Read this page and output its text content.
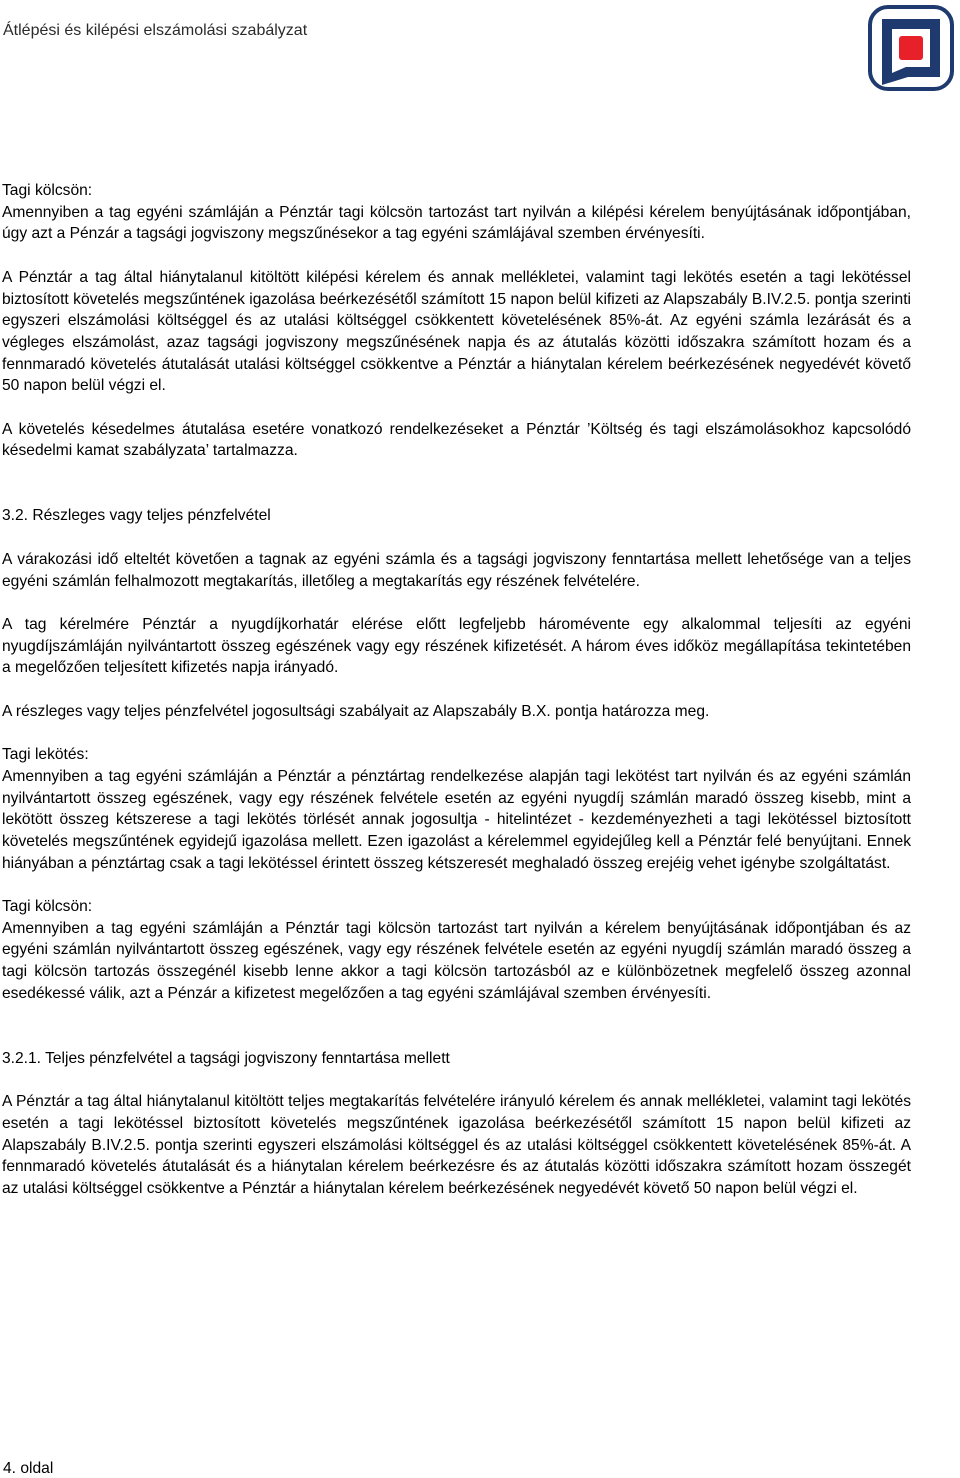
Átlépési és kilépési elszámolási szabályzat

Tagi kölcsön:

Amennyiben a tag egyéni számláján a Pénztár tagi kölcsön tartozást tart nyilván a kilépési kérelem benyújtásának időpontjában, úgy azt a Pénzár a tagsági jogviszony megszűnésekor a tag egyéni számlájával szemben érvényesíti.

A Pénztár a tag által hiánytalanul kitöltött kilépési kérelem és annak mellékletei, valamint tagi lekötés esetén a tagi lekötéssel biztosított követelés megszűntének igazolása beérkezésétől számított 15 napon belül kifizeti az Alapszabály B.IV.2.5. pontja szerinti egyszeri elszámolási költséggel és az utalási költséggel csökkentett követelésének 85%-át. Az egyéni számla lezárását és a végleges elszámolást, azaz tagsági jogviszony megszűnésének napja és az átutalás közötti időszakra számított hozam és a fennmaradó követelés átutalását utalási költséggel csökkentve a Pénztár a hiánytalan kérelem beérkezésének negyedévét követő 50 napon belül végzi el.

A követelés késedelmes átutalása esetére vonatkozó rendelkezéseket a Pénztár ’Költség és tagi elszámolásokhoz kapcsolódó késedelmi kamat szabályzata’ tartalmazza.

3.2. Részleges vagy teljes pénzfelvétel

A várakozási idő elteltét követően a tagnak az egyéni számla és a tagsági jogviszony fenntartása mellett lehetősége van a teljes egyéni számlán felhalmozott megtakarítás, illetőleg a megtakarítás egy részének felvételére.

A tag kérelmére Pénztár a nyugdíjkorhatár elérése előtt legfeljebb háromévente egy alkalommal teljesíti az egyéni nyugdíjszámláján nyilvántartott összeg egészének vagy egy részének kifizetését. A három éves időköz megállapítása tekintetében a megelőzően teljesített kifizetés napja irányadó.

A részleges vagy teljes pénzfelvétel jogosultsági szabályait az Alapszabály B.X. pontja határozza meg.

Tagi lekötés:

Amennyiben a tag egyéni számláján a Pénztár a pénztártag rendelkezése alapján tagi lekötést tart nyilván és az egyéni számlán nyilvántartott összeg egészének, vagy egy részének felvétele esetén az egyéni nyugdíj számlán maradó összeg kisebb, mint a lekötött összeg kétszerese a tagi lekötés törlését annak jogosultja - hitelintézet - kezdeményezheti a tagi lekötéssel biztosított követelés megszűntének egyidejű igazolása mellett. Ezen igazolást a kérelemmel egyidejűleg kell a Pénztár felé benyújtani. Ennek hiányában a pénztártag csak a tagi lekötéssel érintett összeg kétszeresét meghaladó összeg erejéig vehet igénybe szolgáltatást.

Tagi kölcsön:

Amennyiben a tag egyéni számláján a Pénztár tagi kölcsön tartozást tart nyilván a kérelem benyújtásának időpontjában és az egyéni számlán nyilvántartott összeg egészének, vagy egy részének felvétele esetén az egyéni nyugdíj számlán maradó összeg a tagi kölcsön tartozás összegénél kisebb lenne akkor a tagi kölcsön tartozásból az e különbözetnek megfelelő összeg azonnal esedékessé válik, azt a Pénzár a kifizetest megelőzően a tag egyéni számlájával szemben érvényesíti.

3.2.1. Teljes pénzfelvétel a tagsági jogviszony fenntartása mellett

A Pénztár a tag által hiánytalanul kitöltött teljes megtakarítás felvételére irányuló kérelem és annak mellékletei, valamint tagi lekötés esetén a tagi lekötéssel biztosított követelés megszűntének igazolása beérkezésétől számított 15 napon belül kifizeti az Alapszabály B.IV.2.5. pontja szerinti egyszeri elszámolási költséggel és az utalási költséggel csökkentett követelésének 85%-át. A fennmaradó követelés átutalását és a hiánytalan kérelem beérkezésre és az átutalás közötti időszakra számított hozam összegét az utalási költséggel csökkentve a Pénztár a hiánytalan kérelem beérkezésének negyedévét követő 50 napon belül végzi el.

4. oldal
